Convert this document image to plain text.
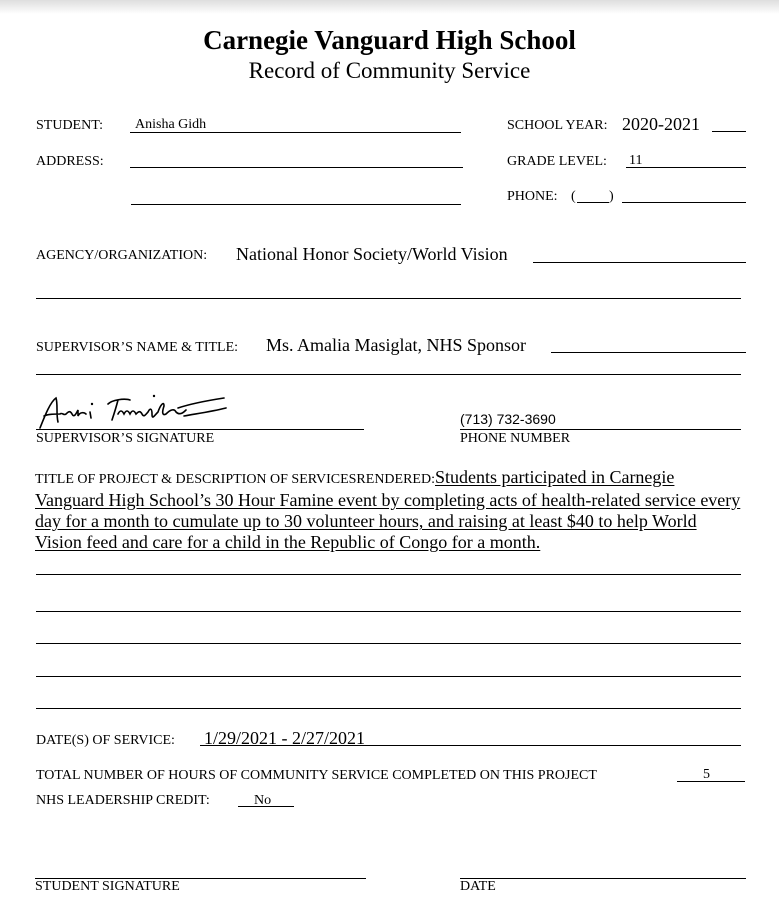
Carnegie Vanguard High School
Record of Community Service
STUDENT: Anisha Gidh
ADDRESS:
SCHOOL YEAR: 2020-2021
GRADE LEVEL: 11
PHONE: ( )
AGENCY/ORGANIZATION: National Honor Society/World Vision
SUPERVISOR’S NAME & TITLE: Ms. Amalia Masiglat, NHS Sponsor
SUPERVISOR’S SIGNATURE
(713) 732-3690
PHONE NUMBER
TITLE OF PROJECT & DESCRIPTION OF SERVICESRENDERED:Students participated in Carnegie Vanguard High School’s 30 Hour Famine event by completing acts of health-related service every day for a month to cumulate up to 30 volunteer hours, and raising at least $40 to help World Vision feed and care for a child in the Republic of Congo for a month.
DATE(S) OF SERVICE: 1/29/2021 - 2/27/2021
TOTAL NUMBER OF HOURS OF COMMUNITY SERVICE COMPLETED ON THIS PROJECT	5
NHS LEADERSHIP CREDIT:	No
STUDENT SIGNATURE	DATE
